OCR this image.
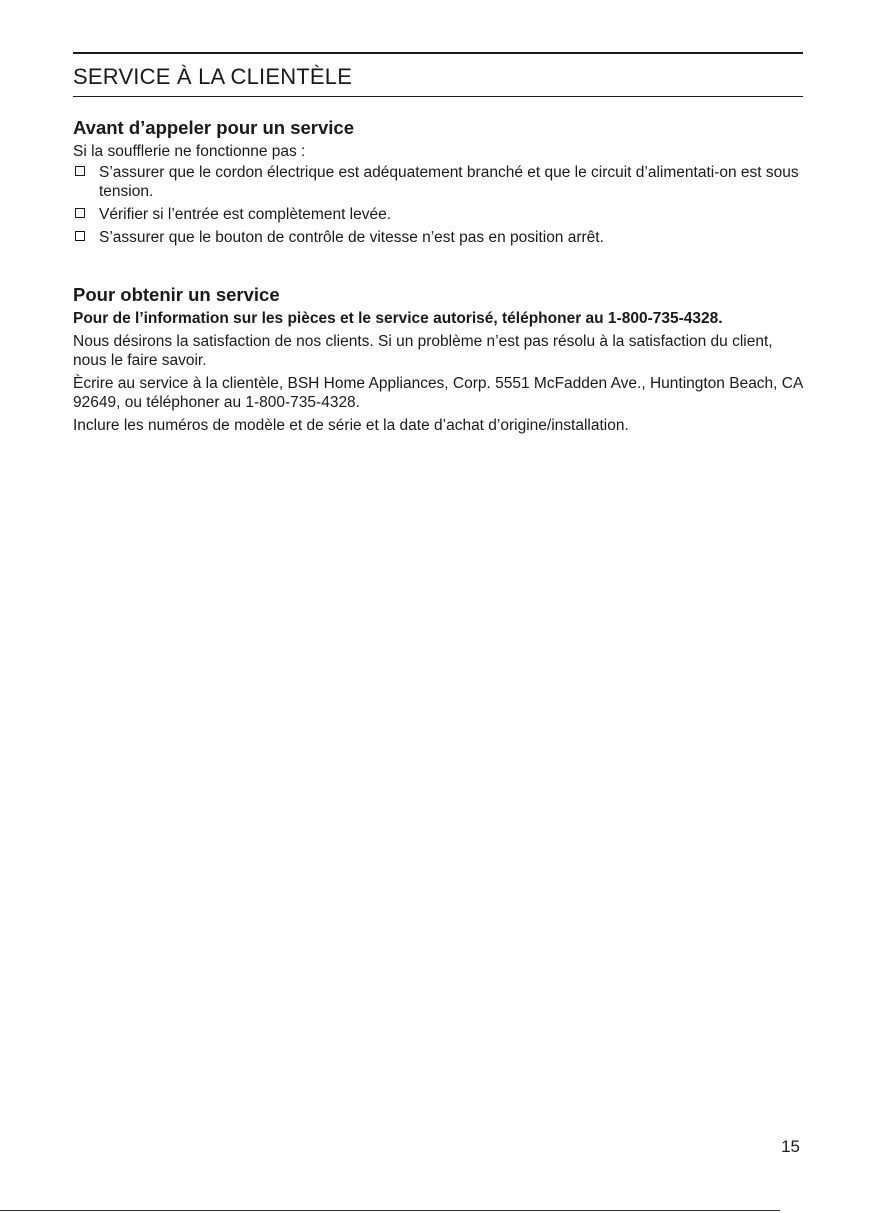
SERVICE À LA CLIENTÈLE
Avant d’appeler pour un service
Si la soufflerie ne fonctionne pas :
S’assurer que le cordon électrique est adéquatement branché et que le circuit d’alimentati-on est sous tension.
Vérifier si l’entrée est complètement levée.
S’assurer que le bouton de contrôle de vitesse n’est pas en position arrêt.
Pour obtenir un service
Pour de l’information sur les pièces et le service autorisé, téléphoner au 1-800-735-4328.
Nous désirons la satisfaction de nos clients. Si un problème n’est pas résolu à la satisfaction du client, nous le faire savoir.
Ècrire au service à la clientèle, BSH Home Appliances, Corp. 5551 McFadden Ave., Huntington Beach, CA 92649, ou téléphoner au 1-800-735-4328.
Inclure les numéros de modèle et de série et la date d’achat d’origine/installation.
15
